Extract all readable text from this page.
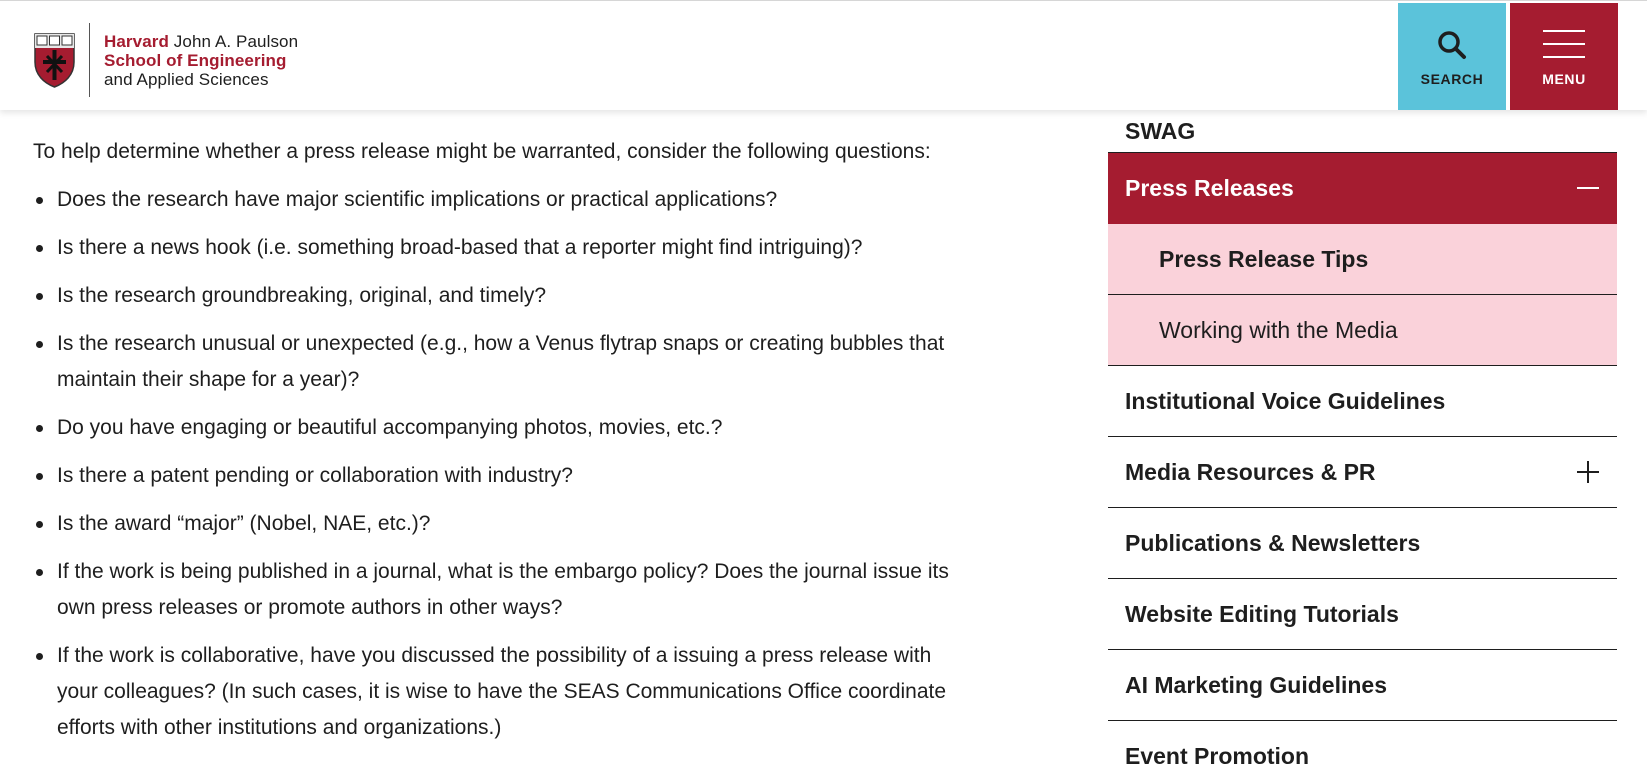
To help determine whether a press release might be warranted, consider the following questions:

Does the research have major scientific implications or practical applications?
Is there a news hook (i.e. something broad-based that a reporter might find intriguing)?
Is the research groundbreaking, original, and timely?
Is the research unusual or unexpected (e.g., how a Venus flytrap snaps or creating bubbles that maintain their shape for a year)?
Do you have engaging or beautiful accompanying photos, movies, etc.?
Is there a patent pending or collaboration with industry?
Is the award “major” (Nobel, NAE, etc.)?
If the work is being published in a journal, what is the embargo policy? Does the journal issue its own press releases or promote authors in other ways?
If the work is collaborative, have you discussed the possibility of a issuing a press release with your colleagues? (In such cases, it is wise to have the SEAS Communications Office coordinate efforts with other institutions and organizations.)
SWAG
Press Releases
Press Release Tips
Working with the Media
Institutional Voice Guidelines
Media Resources & PR
Publications & Newsletters
Website Editing Tutorials
AI Marketing Guidelines
Event Promotion
Harvard John A. Paulson
School of Engineering
and Applied Sciences	SEARCH	MENU
